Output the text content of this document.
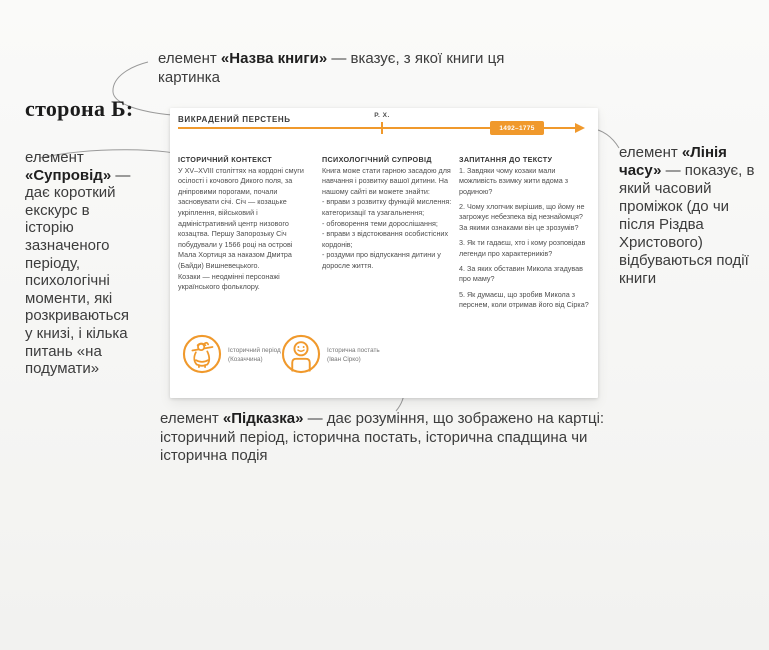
сторона Б:
елемент «Назва книги» — вказує, з якої книги ця картинка
елемент «Супровід» — дає короткий екскурс в історію зазначеного періоду, психологічні моменти, які розкриваються у книзі, і кілька питань «на подумати»
елемент «Лінія часу» — показує, в який часовий проміжок (до чи після Різдва Христового) відбуваються події книги
елемент «Підказка» — дає розуміння, що зображено на картці: історичний період, історична постать, історична спадщина чи історична подія
ВИКРАДЕНИЙ ПЕРСТЕНЬ	Р. Х.
1492–1775

ІСТОРИЧНИЙ КОНТЕКСТ

У XV–XVIII століттях на кордоні смуги осілості і кочового Дикого поля, за дніпровими порогами, почали засновувати січі. Січ — козацьке укріплення, військовий і адміністративний центр низового козацтва. Першу Запорозьку Січ побудували у 1566 році на острові Мала Хортиця за наказом Дмитра (Байди) Вишневецького.

Козаки — неодмінні персонажі українського фольклору.

ПСИХОЛОГІЧНИЙ СУПРОВІД

Книга може стати гарною засадою для навчання і розвитку вашої дитини. На нашому сайті ви можете знайти:

- вправи з розвитку функцій мислення: категоризації та узагальнення;

- обговорення теми дорослішання;

- вправи з відстоювання особистісних кордонів;

- роздуми про відпускання дитини у доросле життя.

ЗАПИТАННЯ ДО ТЕКСТУ

1. Завдяки чому козаки мали можливість взимку жити вдома з родиною?

2. Чому хлопчик вирішив, що йому не загрожує небезпека від незнайомця? За якими ознаками він це зрозумів?

3. Як ти гадаєш, хто і кому розповідав легенди про характерників?

4. За яких обставин Микола згадував про маму?

5. Як думаєш, що зробив Микола з перснем, коли отримав його від Сірка?

Історичний період
(Козаччина)
Історична постать
(Іван Сірко)
